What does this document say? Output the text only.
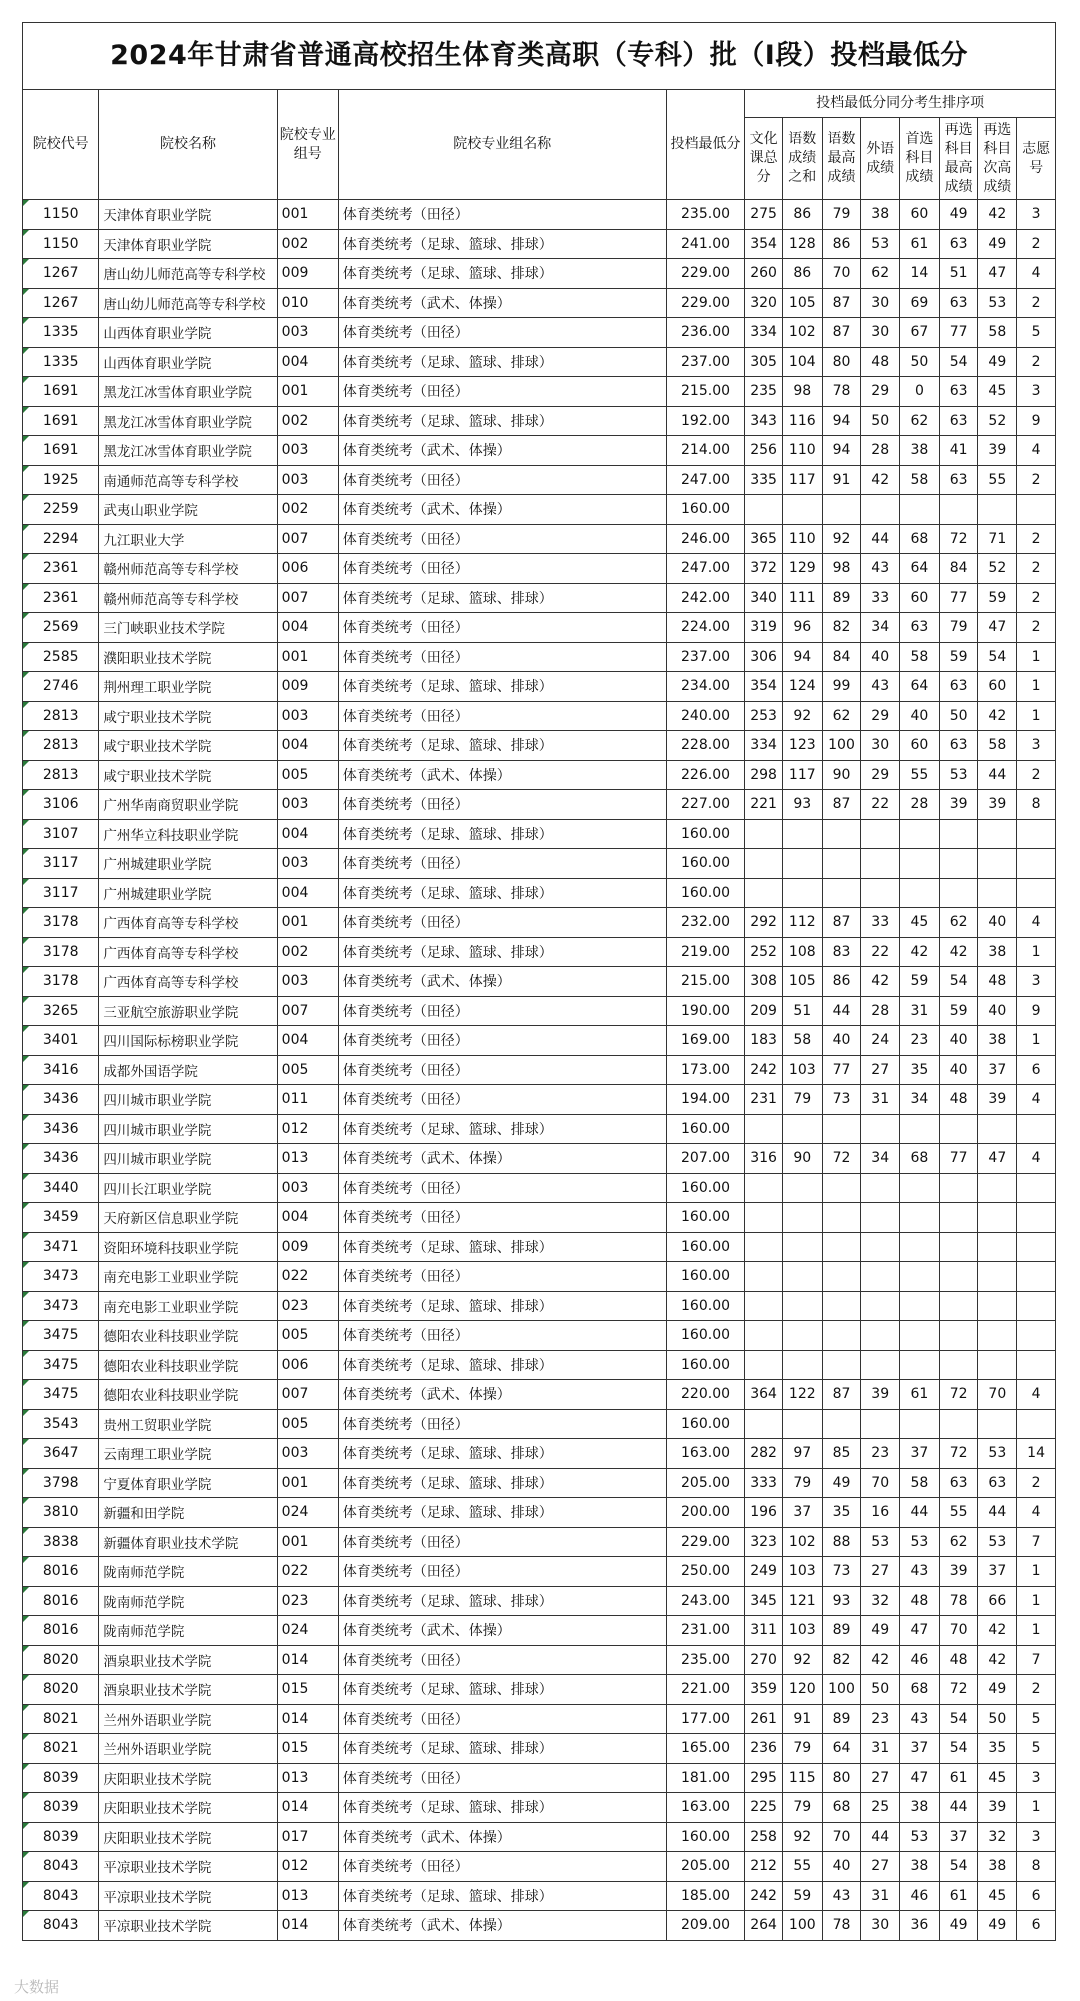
2024年甘肃省普通高校招生体育类高职（专科）批（I段）投档最低分
院校代号	院校名称	院校专业组号	院校专业组名称	投档最低分	投档最低分同分考生排序项							
					文化课总分	语数成绩之和	语数最高成绩	外语成绩	首选科目成绩	再选科目最高成绩	再选科目次高成绩	志愿号
1150	天津体育职业学院	001	体育类统考（田径）	235.00	275	86	79	38	60	49	42	3
1150	天津体育职业学院	002	体育类统考（足球、篮球、排球）	241.00	354	128	86	53	61	63	49	2
1267	唐山幼儿师范高等专科学校	009	体育类统考（足球、篮球、排球）	229.00	260	86	70	62	14	51	47	4
1267	唐山幼儿师范高等专科学校	010	体育类统考（武术、体操）	229.00	320	105	87	30	69	63	53	2
1335	山西体育职业学院	003	体育类统考（田径）	236.00	334	102	87	30	67	77	58	5
1335	山西体育职业学院	004	体育类统考（足球、篮球、排球）	237.00	305	104	80	48	50	54	49	2
1691	黑龙江冰雪体育职业学院	001	体育类统考（田径）	215.00	235	98	78	29	0	63	45	3
1691	黑龙江冰雪体育职业学院	002	体育类统考（足球、篮球、排球）	192.00	343	116	94	50	62	63	52	9
1691	黑龙江冰雪体育职业学院	003	体育类统考（武术、体操）	214.00	256	110	94	28	38	41	39	4
1925	南通师范高等专科学校	003	体育类统考（田径）	247.00	335	117	91	42	58	63	55	2
2259	武夷山职业学院	002	体育类统考（武术、体操）	160.00								
2294	九江职业大学	007	体育类统考（田径）	246.00	365	110	92	44	68	72	71	2
2361	赣州师范高等专科学校	006	体育类统考（田径）	247.00	372	129	98	43	64	84	52	2
2361	赣州师范高等专科学校	007	体育类统考（足球、篮球、排球）	242.00	340	111	89	33	60	77	59	2
2569	三门峡职业技术学院	004	体育类统考（田径）	224.00	319	96	82	34	63	79	47	2
2585	濮阳职业技术学院	001	体育类统考（田径）	237.00	306	94	84	40	58	59	54	1
2746	荆州理工职业学院	009	体育类统考（足球、篮球、排球）	234.00	354	124	99	43	64	63	60	1
2813	咸宁职业技术学院	003	体育类统考（田径）	240.00	253	92	62	29	40	50	42	1
2813	咸宁职业技术学院	004	体育类统考（足球、篮球、排球）	228.00	334	123	100	30	60	63	58	3
2813	咸宁职业技术学院	005	体育类统考（武术、体操）	226.00	298	117	90	29	55	53	44	2
3106	广州华南商贸职业学院	003	体育类统考（田径）	227.00	221	93	87	22	28	39	39	8
3107	广州华立科技职业学院	004	体育类统考（足球、篮球、排球）	160.00								
3117	广州城建职业学院	003	体育类统考（田径）	160.00								
3117	广州城建职业学院	004	体育类统考（足球、篮球、排球）	160.00								
3178	广西体育高等专科学校	001	体育类统考（田径）	232.00	292	112	87	33	45	62	40	4
3178	广西体育高等专科学校	002	体育类统考（足球、篮球、排球）	219.00	252	108	83	22	42	42	38	1
3178	广西体育高等专科学校	003	体育类统考（武术、体操）	215.00	308	105	86	42	59	54	48	3
3265	三亚航空旅游职业学院	007	体育类统考（田径）	190.00	209	51	44	28	31	59	40	9
3401	四川国际标榜职业学院	004	体育类统考（田径）	169.00	183	58	40	24	23	40	38	1
3416	成都外国语学院	005	体育类统考（田径）	173.00	242	103	77	27	35	40	37	6
3436	四川城市职业学院	011	体育类统考（田径）	194.00	231	79	73	31	34	48	39	4
3436	四川城市职业学院	012	体育类统考（足球、篮球、排球）	160.00								
3436	四川城市职业学院	013	体育类统考（武术、体操）	207.00	316	90	72	34	68	77	47	4
3440	四川长江职业学院	003	体育类统考（田径）	160.00								
3459	天府新区信息职业学院	004	体育类统考（田径）	160.00								
3471	资阳环境科技职业学院	009	体育类统考（足球、篮球、排球）	160.00								
3473	南充电影工业职业学院	022	体育类统考（田径）	160.00								
3473	南充电影工业职业学院	023	体育类统考（足球、篮球、排球）	160.00								
3475	德阳农业科技职业学院	005	体育类统考（田径）	160.00								
3475	德阳农业科技职业学院	006	体育类统考（足球、篮球、排球）	160.00								
3475	德阳农业科技职业学院	007	体育类统考（武术、体操）	220.00	364	122	87	39	61	72	70	4
3543	贵州工贸职业学院	005	体育类统考（田径）	160.00								
3647	云南理工职业学院	003	体育类统考（足球、篮球、排球）	163.00	282	97	85	23	37	72	53	14
3798	宁夏体育职业学院	001	体育类统考（足球、篮球、排球）	205.00	333	79	49	70	58	63	63	2
3810	新疆和田学院	024	体育类统考（足球、篮球、排球）	200.00	196	37	35	16	44	55	44	4
3838	新疆体育职业技术学院	001	体育类统考（田径）	229.00	323	102	88	53	53	62	53	7
8016	陇南师范学院	022	体育类统考（田径）	250.00	249	103	73	27	43	39	37	1
8016	陇南师范学院	023	体育类统考（足球、篮球、排球）	243.00	345	121	93	32	48	78	66	1
8016	陇南师范学院	024	体育类统考（武术、体操）	231.00	311	103	89	49	47	70	42	1
8020	酒泉职业技术学院	014	体育类统考（田径）	235.00	270	92	82	42	46	48	42	7
8020	酒泉职业技术学院	015	体育类统考（足球、篮球、排球）	221.00	359	120	100	50	68	72	49	2
8021	兰州外语职业学院	014	体育类统考（田径）	177.00	261	91	89	23	43	54	50	5
8021	兰州外语职业学院	015	体育类统考（足球、篮球、排球）	165.00	236	79	64	31	37	54	35	5
8039	庆阳职业技术学院	013	体育类统考（田径）	181.00	295	115	80	27	47	61	45	3
8039	庆阳职业技术学院	014	体育类统考（足球、篮球、排球）	163.00	225	79	68	25	38	44	39	1
8039	庆阳职业技术学院	017	体育类统考（武术、体操）	160.00	258	92	70	44	53	37	32	3
8043	平凉职业技术学院	012	体育类统考（田径）	205.00	212	55	40	27	38	54	38	8
8043	平凉职业技术学院	013	体育类统考（足球、篮球、排球）	185.00	242	59	43	31	46	61	45	6
8043	平凉职业技术学院	014	体育类统考（武术、体操）	209.00	264	100	78	30	36	49	49	6
大数据
